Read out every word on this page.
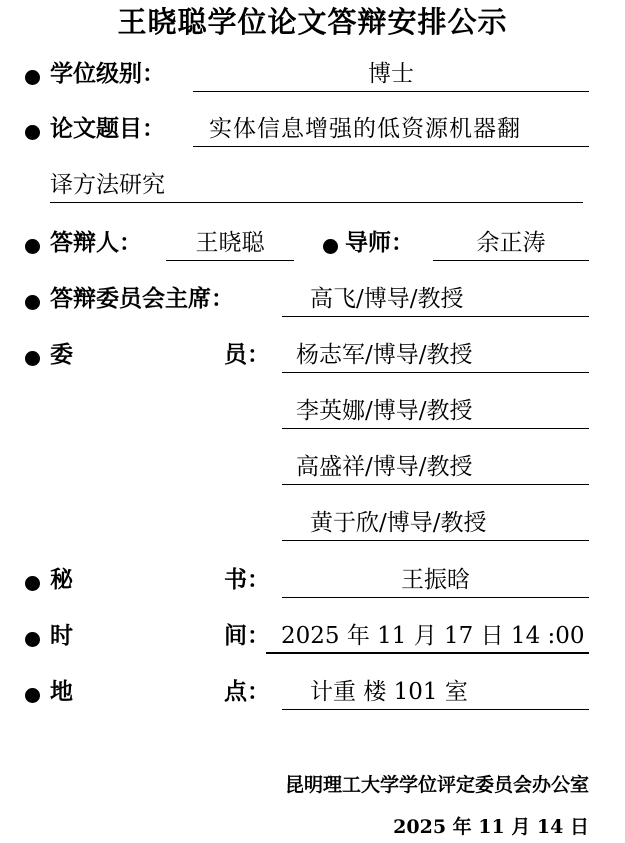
王晓聪学位论文答辩安排公示
学位级别：	博士
论文题目：	实体信息增强的低资源机器翻
译方法研究
答辩人：	王晓聪	导师：	余正涛
答辩委员会主席：	高飞/博导/教授
委	员：	杨志军/博导/教授
李英娜/博导/教授
高盛祥/博导/教授
黄于欣/博导/教授
秘	书：	王振晗
时	间： 2025 年 11 月 17 日 14 :00
地	点：	计重 楼 101 室
昆明理工大学学位评定委员会办公室
2025 年 11 月 14 日
